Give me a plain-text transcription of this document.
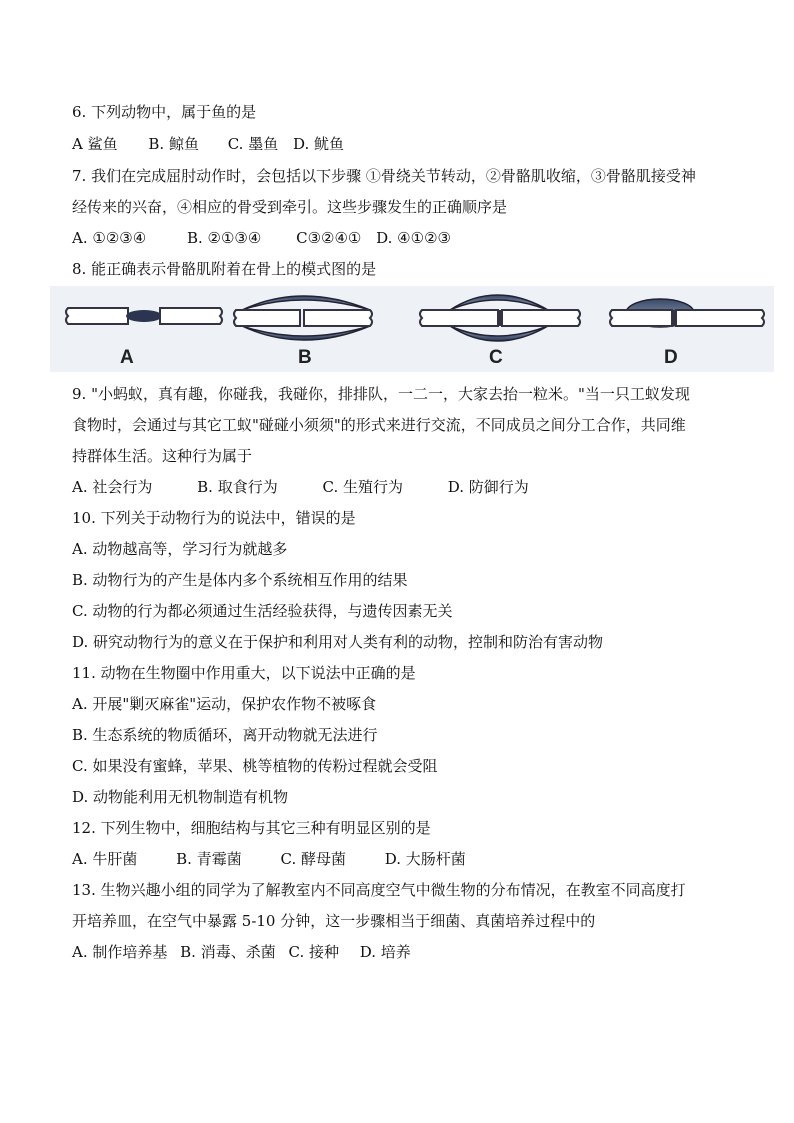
6. 下列动物中，属于鱼的是
A 鲨鱼 B. 鲸鱼 C. 墨鱼 D. 鱿鱼
7. 我们在完成屈肘动作时，会包括以下步骤 ①骨绕关节转动，②骨骼肌收缩，③骨骼肌接受神
经传来的兴奋，④相应的骨受到牵引。这些步骤发生的正确顺序是
A. ①②③④	B. ②①③④ C③②④① D. ④①②③
8. 能正确表示骨骼肌附着在骨上的模式图的是
A	B	C	D
9. "小蚂蚁，真有趣，你碰我，我碰你，排排队，一二一，大家去抬一粒米。"当一只工蚁发现
食物时，会通过与其它工蚁"碰碰小须须"的形式来进行交流，不同成员之间分工合作，共同维
持群体生活。这种行为属于
A. 社会行为	B. 取食行为	C. 生殖行为	D. 防御行为
10. 下列关于动物行为的说法中，错误的是
A. 动物越高等，学习行为就越多
B. 动物行为的产生是体内多个系统相互作用的结果
C. 动物的行为都必须通过生活经验获得，与遗传因素无关
D. 研究动物行为的意义在于保护和利用对人类有利的动物，控制和防治有害动物
11. 动物在生物圈中作用重大，以下说法中正确的是
A. 开展"剿灭麻雀"运动，保护农作物不被啄食
B. 生态系统的物质循环，离开动物就无法进行
C. 如果没有蜜蜂，苹果、桃等植物的传粉过程就会受阻
D. 动物能利用无机物制造有机物
12. 下列生物中，细胞结构与其它三种有明显区别的是
A. 牛肝菌	B. 青霉菌	C. 酵母菌	D. 大肠杆菌
13. 生物兴趣小组的同学为了解教室内不同高度空气中微生物的分布情况，在教室不同高度打
开培养皿，在空气中暴露 5-10 分钟，这一步骤相当于细菌、真菌培养过程中的
A. 制作培养基 B. 消毒、杀菌 C. 接种 D. 培养
